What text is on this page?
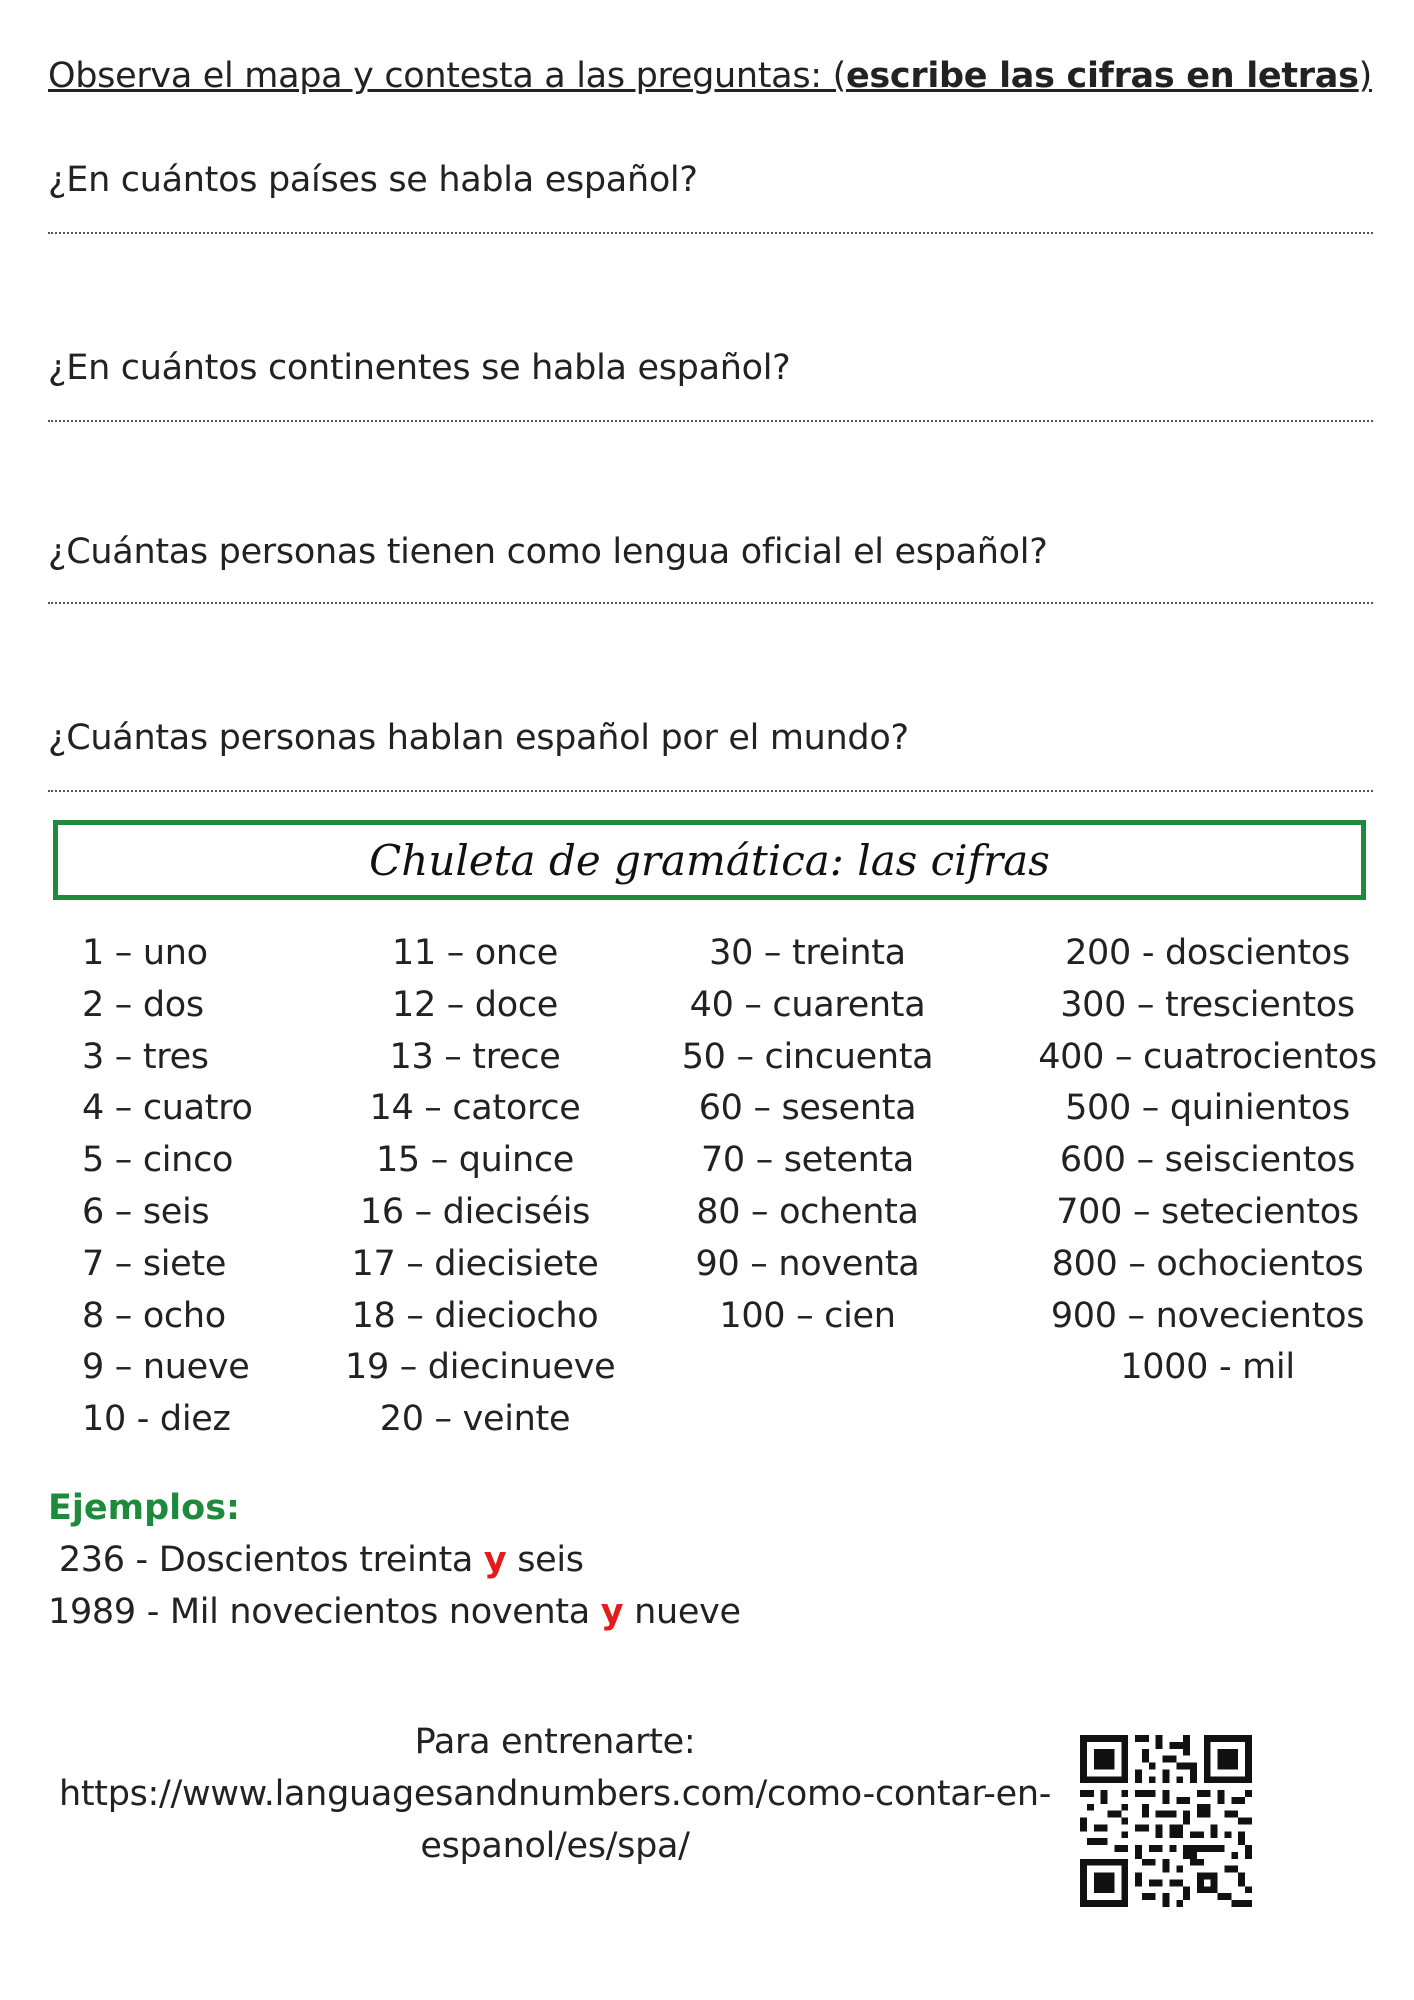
Observa el mapa y contesta a las preguntas: (escribe las cifras en letras)
¿En cuántos países se habla español?
¿En cuántos continentes se habla español?
¿Cuántas personas tienen como lengua oficial el español?
¿Cuántas personas hablan español por el mundo?
Chuleta de gramática: las cifras
1 – uno
2 – dos
3 – tres
4 – cuatro
5 – cinco
6 – seis
7 – siete
8 – ocho
9 – nueve
10 - diez
11 – once
12 – doce
13 – trece
14 – catorce
15 – quince
16 – dieciséis
17 – diecisiete
18 – dieciocho
19 – diecinueve
20 – veinte
30 – treinta
40 – cuarenta
50 – cincuenta
60 – sesenta
70 – setenta
80 – ochenta
90 – noventa
100 – cien
200 - doscientos
300 – trescientos
400 – cuatrocientos
500 – quinientos
600 – seiscientos
700 – setecientos
800 – ochocientos
900 – novecientos
1000 - mil
Ejemplos:
236 - Doscientos treinta y seis
1989 - Mil novecientos noventa y nueve
Para entrenarte:
https://www.languagesandnumbers.com/como-contar-en-
espanol/es/spa/
